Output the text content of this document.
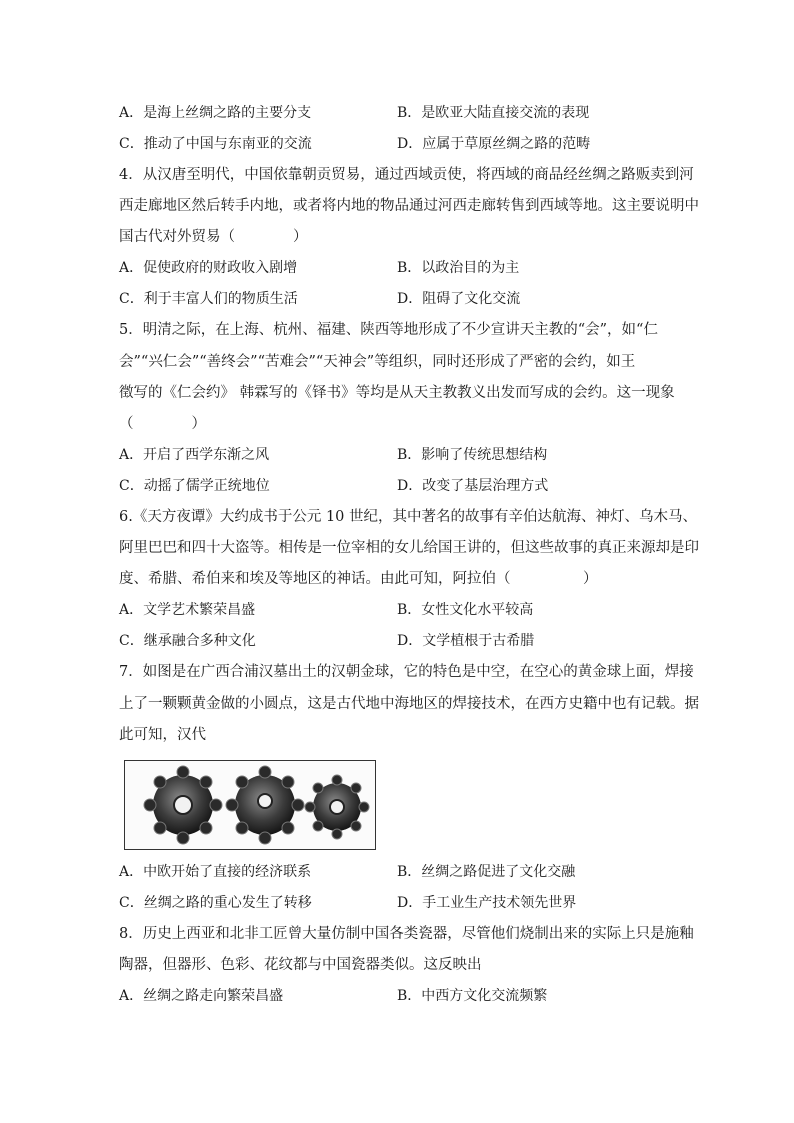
A．是海上丝绸之路的主要分支	B．是欧亚大陆直接交流的表现
C．推动了中国与东南亚的交流	D．应属于草原丝绸之路的范畴
4．从汉唐至明代，中国依靠朝贡贸易，通过西域贡使，将西域的商品经丝绸之路贩卖到河
西走廊地区然后转手内地，或者将内地的物品通过河西走廊转售到西域等地。这主要说明中
国古代对外贸易（　　　　）
A．促使政府的财政收入剧增	B．以政治目的为主
C．利于丰富人们的物质生活	D．阻碍了文化交流
5．明清之际，在上海、杭州、福建、陕西等地形成了不少宣讲天主教的“会”，如“仁
会”“兴仁会”“善终会”“苦难会”“天神会”等组织，同时还形成了严密的会约，如王
徵写的《仁会约》 韩霖写的《铎书》等均是从天主教教义出发而写成的会约。这一现象
（　　　　）
A．开启了西学东渐之风	B．影响了传统思想结构
C．动摇了儒学正统地位	D．改变了基层治理方式
6.《天方夜谭》大约成书于公元 10 世纪，其中著名的故事有辛伯达航海、神灯、乌木马、
阿里巴巴和四十大盗等。相传是一位宰相的女儿给国王讲的，但这些故事的真正来源却是印
度、希腊、希伯来和埃及等地区的神话。由此可知，阿拉伯（　　　　　）
A．文学艺术繁荣昌盛	B．女性文化水平较高
C．继承融合多种文化	D．文学植根于古希腊
7．如图是在广西合浦汉墓出土的汉朝金球，它的特色是中空，在空心的黄金球上面，焊接
上了一颗颗黄金做的小圆点，这是古代地中海地区的焊接技术，在西方史籍中也有记载。据
此可知，汉代
A．中欧开始了直接的经济联系	B．丝绸之路促进了文化交融
C．丝绸之路的重心发生了转移	D．手工业生产技术领先世界
8．历史上西亚和北非工匠曾大量仿制中国各类瓷器，尽管他们烧制出来的实际上只是施釉
陶器，但器形、色彩、花纹都与中国瓷器类似。这反映出
A．丝绸之路走向繁荣昌盛	B．中西方文化交流频繁
